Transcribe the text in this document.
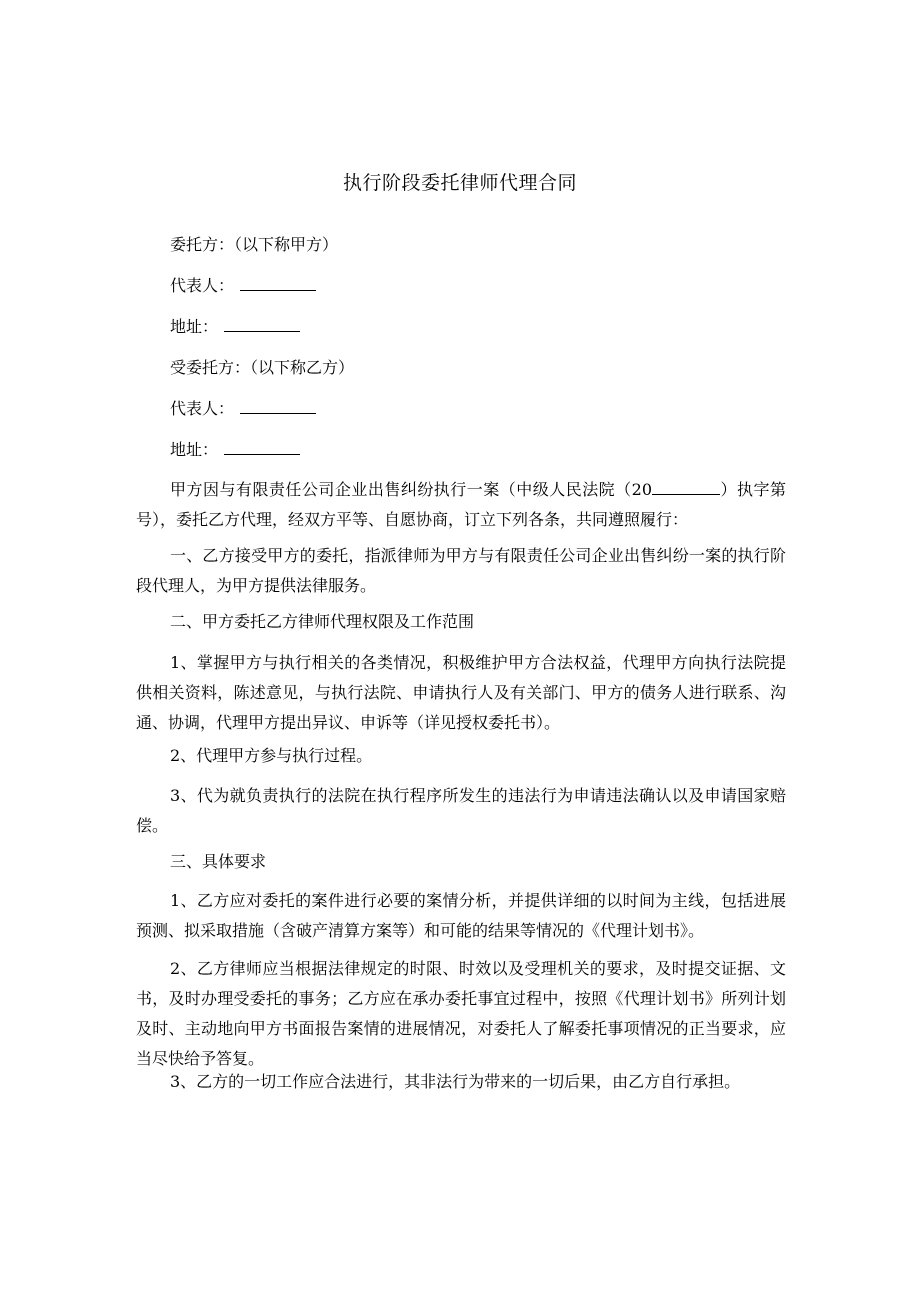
执行阶段委托律师代理合同
委托方：（以下称甲方）
代表人：
地址：
受委托方：（以下称乙方）
代表人：
地址：
甲方因与有限责任公司企业出售纠纷执行一案（中级人民法院（20	）执字第号），委托乙方代理，经双方平等、自愿协商，订立下列各条，共同遵照履行：
一、乙方接受甲方的委托，指派律师为甲方与有限责任公司企业出售纠纷一案的执行阶段代理人，为甲方提供法律服务。
二、甲方委托乙方律师代理权限及工作范围
1、掌握甲方与执行相关的各类情况，积极维护甲方合法权益，代理甲方向执行法院提供相关资料，陈述意见，与执行法院、申请执行人及有关部门、甲方的债务人进行联系、沟通、协调，代理甲方提出异议、申诉等（详见授权委托书）。
2、代理甲方参与执行过程。
3、代为就负责执行的法院在执行程序所发生的违法行为申请违法确认以及申请国家赔偿。
三、具体要求
1、乙方应对委托的案件进行必要的案情分析，并提供详细的以时间为主线，包括进展预测、拟采取措施（含破产清算方案等）和可能的结果等情况的《代理计划书》。
2、乙方律师应当根据法律规定的时限、时效以及受理机关的要求，及时提交证据、文书，及时办理受委托的事务；乙方应在承办委托事宜过程中，按照《代理计划书》所列计划及时、主动地向甲方书面报告案情的进展情况，对委托人了解委托事项情况的正当要求，应当尽快给予答复。
3、乙方的一切工作应合法进行，其非法行为带来的一切后果，由乙方自行承担。
